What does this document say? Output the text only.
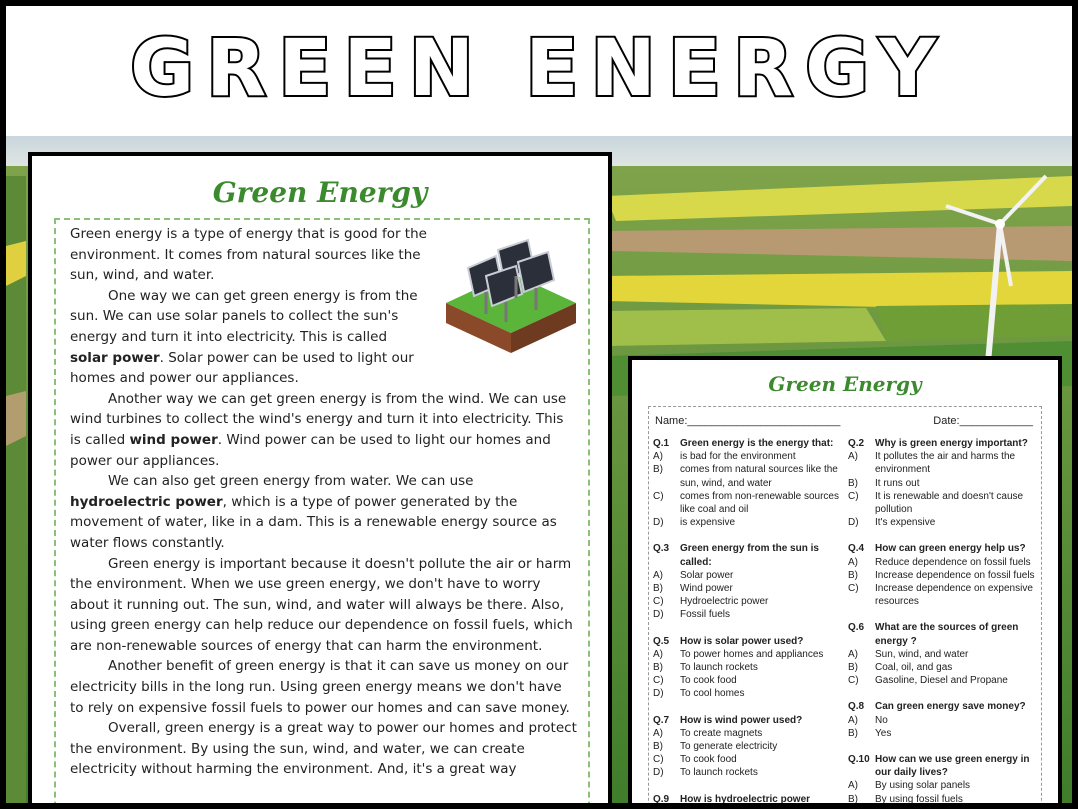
GREEN ENERGY
Green Energy

Green energy is a type of energy that is good for the environment. It comes from natural sources like the sun, wind, and water.

One way we can get green energy is from the sun. We can use solar panels to collect the sun's energy and turn it into electricity. This is called solar power. Solar power can be used to light our homes and power our appliances.

Another way we can get green energy is from the wind. We can use wind turbines to collect the wind's energy and turn it into electricity. This is called wind power. Wind power can be used to light our homes and power our appliances.

We can also get green energy from water. We can use hydroelectric power, which is a type of power generated by the movement of water, like in a dam. This is a renewable energy source as water flows constantly.

Green energy is important because it doesn't pollute the air or harm the environment. When we use green energy, we don't have to worry about it running out. The sun, wind, and water will always be there. Also, using green energy can help reduce our dependence on fossil fuels, which are non-renewable sources of energy that can harm the environment.

Another benefit of green energy is that it can save us money on our electricity bills in the long run. Using green energy means we don't have to rely on expensive fossil fuels to power our homes and can save money.

Overall, green energy is a great way to power our homes and protect the environment. By using the sun, wind, and water, we can create electricity without harming the environment. And, it's a great way

Green Energy
Name:_________________________	Date:____________
Q.1	Green energy is the energy that:
A)	is bad for the environment
B)	comes from natural sources like the sun, wind, and water
C)	comes from non-renewable sources like coal and oil
D)	is expensive
Q.3	Green energy from the sun is called:
A)	Solar power
B)	Wind power
C)	Hydroelectric power
D)	Fossil fuels
Q.5	How is solar power used?
A)	To power homes and appliances
B)	To launch rockets
C)	To cook food
D)	To cool homes
Q.7	How is wind power used?
A)	To create magnets
B)	To generate electricity
C)	To cook food
D)	To launch rockets
Q.9	How is hydroelectric power
Q.2	Why is green energy important?
A)	It pollutes the air and harms the environment
B)	It runs out
C)	It is renewable and doesn't cause pollution
D)	It's expensive
Q.4	How can green energy help us?
A)	Reduce dependence on fossil fuels
B)	Increase dependence on fossil fuels
C)	Increase dependence on expensive resources
Q.6	What are the sources of green energy ?
A)	Sun, wind, and water
B)	Coal, oil, and gas
C)	Gasoline, Diesel and Propane
Q.8	Can green energy save money?
A)	No
B)	Yes
Q.10 How can we use green energy in our daily lives?
A)	By using solar panels
B)	By using fossil fuels
